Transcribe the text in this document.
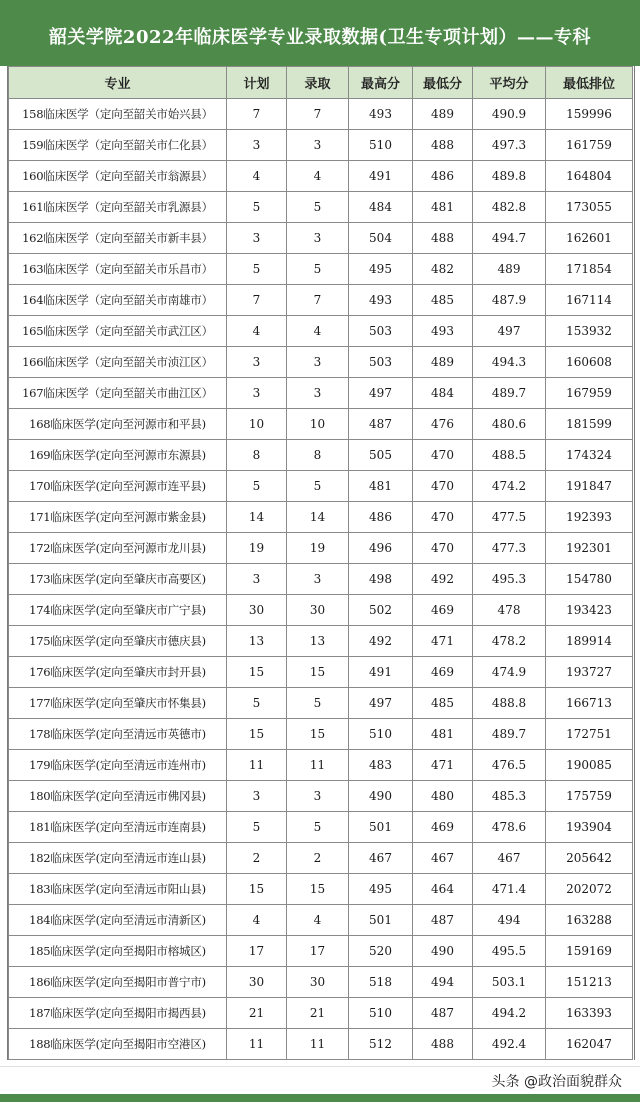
韶关学院2022年临床医学专业录取数据(卫生专项计划）——专科
专业	计划	录取	最高分	最低分	平均分	最低排位
158临床医学（定向至韶关市始兴县）	7	7	493	489	490.9	159996
159临床医学（定向至韶关市仁化县）	3	3	510	488	497.3	161759
160临床医学（定向至韶关市翁源县）	4	4	491	486	489.8	164804
161临床医学（定向至韶关市乳源县）	5	5	484	481	482.8	173055
162临床医学（定向至韶关市新丰县）	3	3	504	488	494.7	162601
163临床医学（定向至韶关市乐昌市）	5	5	495	482	489	171854
164临床医学（定向至韶关市南雄市）	7	7	493	485	487.9	167114
165临床医学（定向至韶关市武江区）	4	4	503	493	497	153932
166临床医学（定向至韶关市浈江区）	3	3	503	489	494.3	160608
167临床医学（定向至韶关市曲江区）	3	3	497	484	489.7	167959
168临床医学(定向至河源市和平县)	10	10	487	476	480.6	181599
169临床医学(定向至河源市东源县)	8	8	505	470	488.5	174324
170临床医学(定向至河源市连平县)	5	5	481	470	474.2	191847
171临床医学(定向至河源市紫金县)	14	14	486	470	477.5	192393
172临床医学(定向至河源市龙川县)	19	19	496	470	477.3	192301
173临床医学(定向至肇庆市高要区)	3	3	498	492	495.3	154780
174临床医学(定向至肇庆市广宁县)	30	30	502	469	478	193423
175临床医学(定向至肇庆市德庆县)	13	13	492	471	478.2	189914
176临床医学(定向至肇庆市封开县)	15	15	491	469	474.9	193727
177临床医学(定向至肇庆市怀集县)	5	5	497	485	488.8	166713
178临床医学(定向至清远市英德市)	15	15	510	481	489.7	172751
179临床医学(定向至清远市连州市)	11	11	483	471	476.5	190085
180临床医学(定向至清远市佛冈县)	3	3	490	480	485.3	175759
181临床医学(定向至清远市连南县)	5	5	501	469	478.6	193904
182临床医学(定向至清远市连山县)	2	2	467	467	467	205642
183临床医学(定向至清远市阳山县)	15	15	495	464	471.4	202072
184临床医学(定向至清远市清新区)	4	4	501	487	494	163288
185临床医学(定向至揭阳市榕城区)	17	17	520	490	495.5	159169
186临床医学(定向至揭阳市普宁市)	30	30	518	494	503.1	151213
187临床医学(定向至揭阳市揭西县)	21	21	510	487	494.2	163393
188临床医学(定向至揭阳市空港区)	11	11	512	488	492.4	162047
头条 @政治面貌群众
